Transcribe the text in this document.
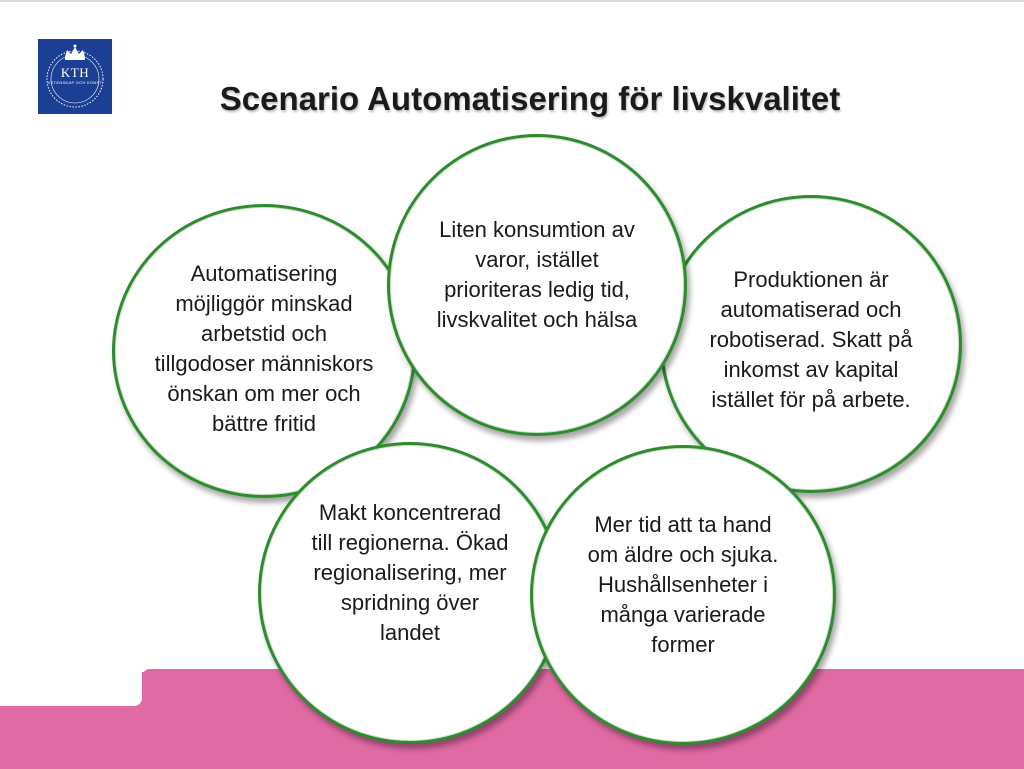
KTH
VETENSKAP OCH KONST	Scenario Automatisering för livskvalitet
Automatisering möjliggör minskad arbetstid och tillgodoser människors önskan om mer och bättre fritid
Produktionen är automatiserad och robotiserad. Skatt på inkomst av kapital istället för på arbete.
Liten konsumtion av varor, istället prioriteras ledig tid, livskvalitet och hälsa
Makt koncentrerad till regionerna. Ökad regionalisering, mer spridning över landet
Mer tid att ta hand om äldre och sjuka. Hushållsenheter i många varierade former
